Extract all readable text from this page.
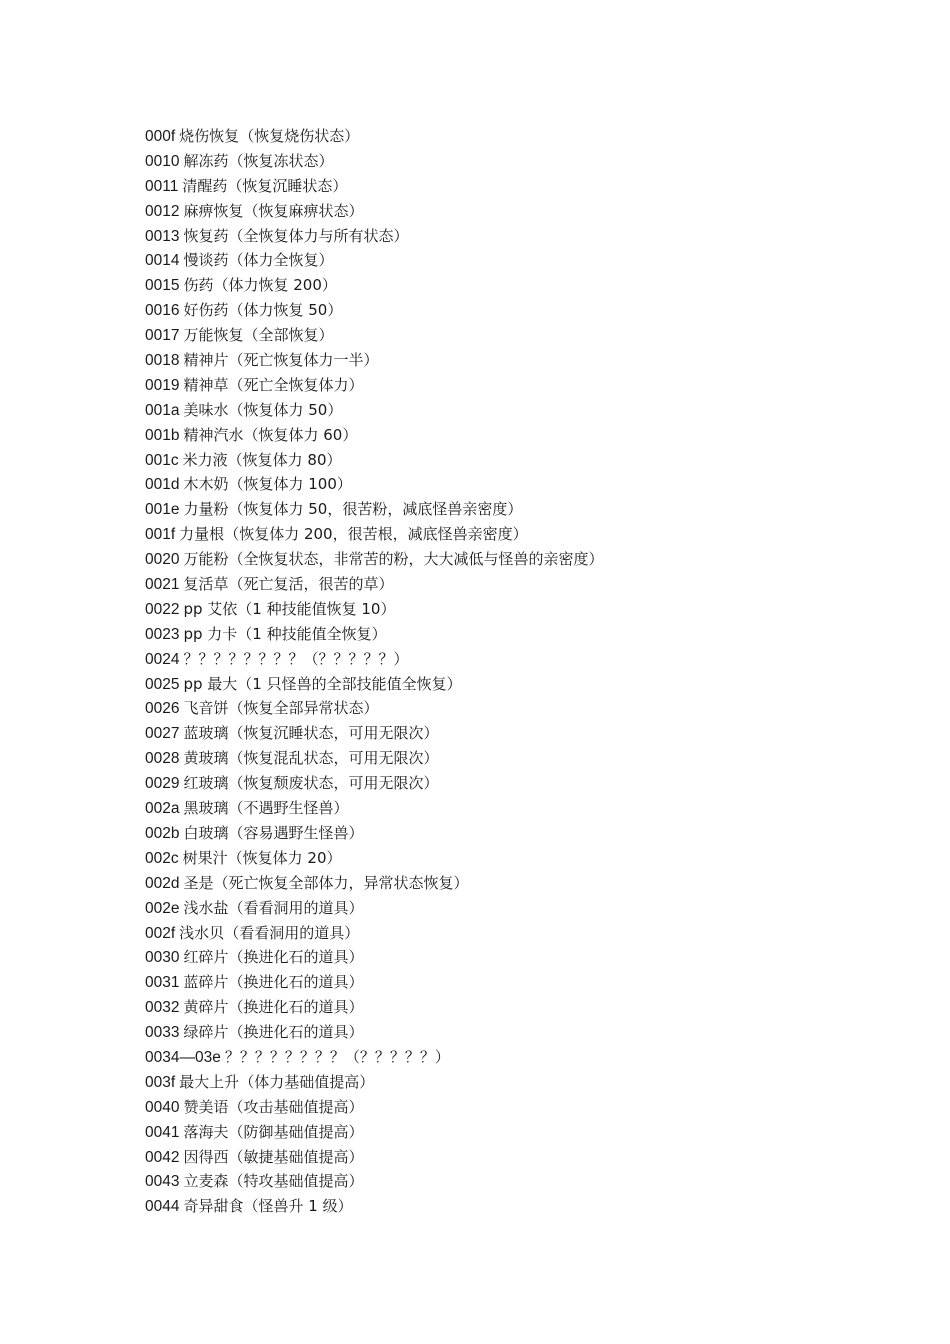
000f 烧伤恢复（恢复烧伤状态）
0010 解冻药（恢复冻状态）
0011 清醒药（恢复沉睡状态）
0012 麻痹恢复（恢复麻痹状态）
0013 恢复药（全恢复体力与所有状态）
0014 慢谈药（体力全恢复）
0015 伤药（体力恢复 200）
0016 好伤药（体力恢复 50）
0017 万能恢复（全部恢复）
0018 精神片（死亡恢复体力一半）
0019 精神草（死亡全恢复体力）
001a 美味水（恢复体力 50）
001b 精神汽水（恢复体力 60）
001c 米力液（恢复体力 80）
001d 木木奶（恢复体力 100）
001e 力量粉（恢复体力 50，很苦粉，减底怪兽亲密度）
001f 力量根（恢复体力 200，很苦根，减底怪兽亲密度）
0020 万能粉（全恢复状态，非常苦的粉，大大减低与怪兽的亲密度）
0021 复活草（死亡复活，很苦的草）
0022 pp 艾依（1 种技能值恢复 10）
0023 pp 力卡（1 种技能值全恢复）
0024 ？？？？？？？？（？？？？？）
0025 pp 最大（1 只怪兽的全部技能值全恢复）
0026 飞音饼（恢复全部异常状态）
0027 蓝玻璃（恢复沉睡状态，可用无限次）
0028 黄玻璃（恢复混乱状态，可用无限次）
0029 红玻璃（恢复颓废状态，可用无限次）
002a 黑玻璃（不遇野生怪兽）
002b 白玻璃（容易遇野生怪兽）
002c 树果汁（恢复体力 20）
002d 圣是（死亡恢复全部体力，异常状态恢复）
002e 浅水盐（看看洞用的道具）
002f 浅水贝（看看洞用的道具）
0030 红碎片（换进化石的道具）
0031 蓝碎片（换进化石的道具）
0032 黄碎片（换进化石的道具）
0033 绿碎片（换进化石的道具）
0034—03e ？？？？？？？？（？？？？？）
003f 最大上升（体力基础值提高）
0040 赞美语（攻击基础值提高）
0041 落海夫（防御基础值提高）
0042 因得西（敏捷基础值提高）
0043 立麦森（特攻基础值提高）
0044 奇异甜食（怪兽升 1 级）
